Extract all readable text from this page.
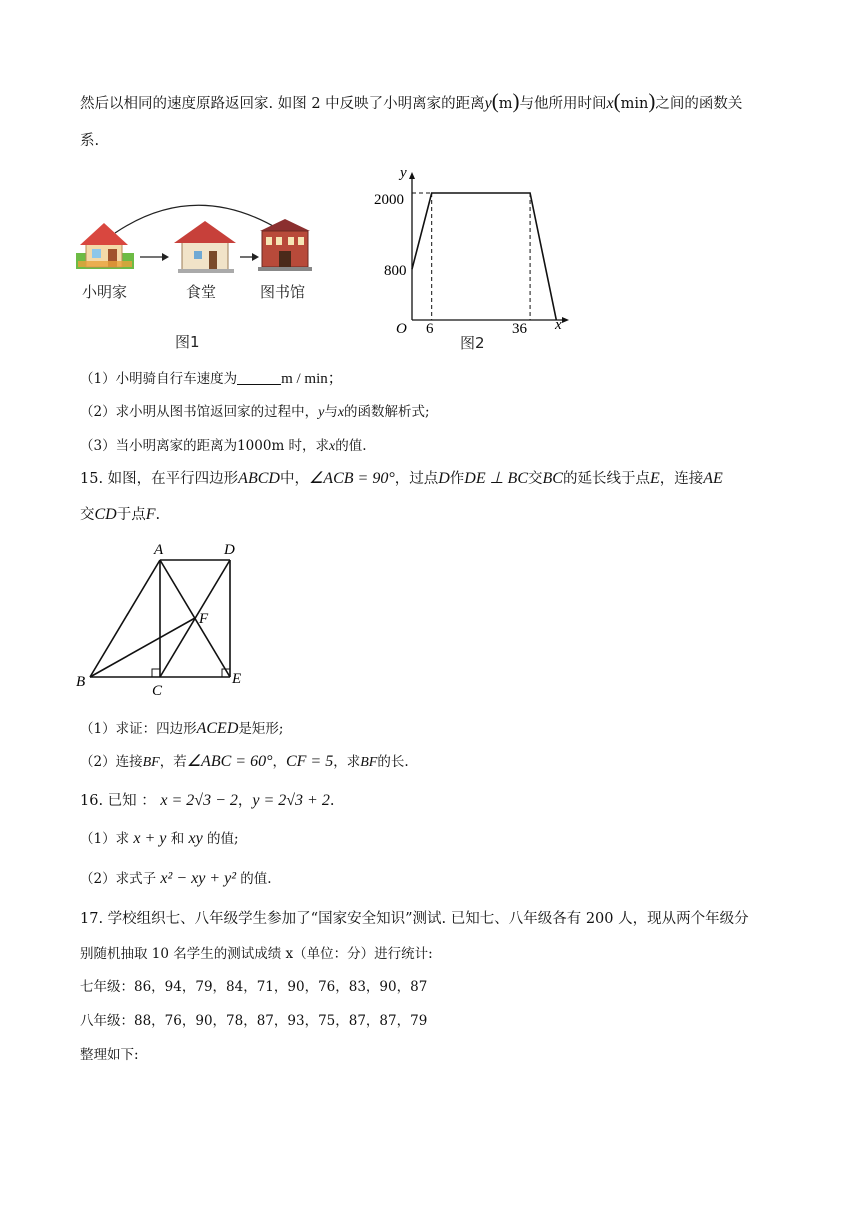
然后以相同的速度原路返回家. 如图 2 中反映了小明离家的距离y(m)与他所用时间x(min)之间的函数关
系.
小明家	食堂	图书馆
图1
y
x
O
2000
800
6	36
图2
（1）小明骑自行车速度为	m / min；
（2）求小明从图书馆返回家的过程中，y与x的函数解析式;
（3）当小明离家的距离为1000m 时，求x的值.
15. 如图，在平行四边形ABCD中，∠ACB = 90°，过点D作DE ⊥ BC交BC的延长线于点E，连接AE
交CD于点F.
A	D
B
C
E
F
（1）求证：四边形ACED是矩形;
（2）连接BF，若∠ABC = 60°，CF = 5，求BF的长.
16. 已知 ： x = 2√3 − 2，y = 2√3 + 2.
（1）求 x + y 和 xy 的值;
（2）求式子 x² − xy + y² 的值.
17. 学校组织七、八年级学生参加了“国家安全知识”测试. 已知七、八年级各有 200 人，现从两个年级分
别随机抽取 10 名学生的测试成绩 x（单位：分）进行统计:
七年级：86，94，79，84，71，90，76，83，90，87
八年级：88，76，90，78，87，93，75，87，87，79
整理如下:
